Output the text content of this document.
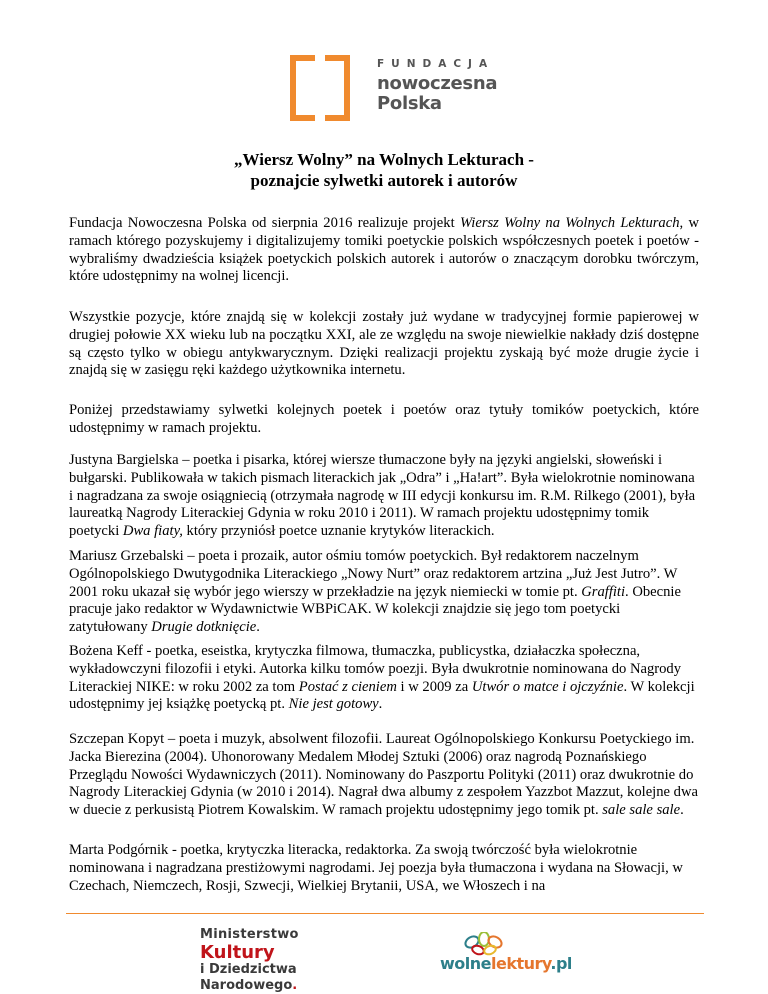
FUNDACJA
nowoczesna
Polska
„Wiersz Wolny” na Wolnych Lekturach -
poznajcie sylwetki autorek i autorów

Fundacja Nowoczesna Polska od sierpnia 2016 realizuje projekt Wiersz Wolny na Wolnych Lekturach, w ramach którego pozyskujemy i digitalizujemy tomiki poetyckie polskich współczesnych poetek i poetów - wybraliśmy dwadzieścia książek poetyckich polskich autorek i autorów o znaczącym dorobku twórczym, które udostępnimy na wolnej licencji.

Wszystkie pozycje, które znajdą się w kolekcji zostały już wydane w tradycyjnej formie papierowej w drugiej połowie XX wieku lub na początku XXI, ale ze względu na swoje niewielkie nakłady dziś dostępne są często tylko w obiegu antykwarycznym. Dzięki realizacji projektu zyskają być może drugie życie i znajdą się w zasięgu ręki każdego użytkownika internetu.

Poniżej przedstawiamy sylwetki kolejnych poetek i poetów oraz tytuły tomików poetyckich, które udostępnimy w ramach projektu.

Justyna Bargielska – poetka i pisarka, której wiersze tłumaczone były na języki angielski, słoweński i bułgarski. Publikowała w takich pismach literackich jak „Odra” i „Ha!art”. Była wielokrotnie nominowana i nagradzana za swoje osiągniecią (otrzymała nagrodę w III edycji konkursu im. R.M. Rilkego (2001), była laureatką Nagrody Literackiej Gdynia w roku 2010 i 2011). W ramach projektu udostępnimy tomik poetycki Dwa fiaty, który przyniósł poetce uznanie krytyków literackich.

Mariusz Grzebalski – poeta i prozaik, autor ośmiu tomów poetyckich. Był redaktorem naczelnym Ogólnopolskiego Dwutygodnika Literackiego „Nowy Nurt” oraz redaktorem artzina „Już Jest Jutro”. W 2001 roku ukazał się wybór jego wierszy w przekładzie na język niemiecki w tomie pt. Graffiti. Obecnie pracuje jako redaktor w Wydawnictwie WBPiCAK. W kolekcji znajdzie się jego tom poetycki zatytułowany Drugie dotknięcie.

Bożena Keff - poetka, eseistka, krytyczka filmowa, tłumaczka, publicystka, działaczka społeczna, wykładowczyni filozofii i etyki. Autorka kilku tomów poezji. Była dwukrotnie nominowana do Nagrody Literackiej NIKE: w roku 2002 za tom Postać z cieniem i w 2009 za Utwór o matce i ojczyźnie. W kolekcji udostępnimy jej książkę poetycką pt. Nie jest gotowy.

Szczepan Kopyt – poeta i muzyk, absolwent filozofii. Laureat Ogólnopolskiego Konkursu Poetyckiego im. Jacka Bierezina (2004). Uhonorowany Medalem Młodej Sztuki (2006) oraz nagrodą Poznańskiego Przeglądu Nowości Wydawniczych (2011). Nominowany do Paszportu Polityki (2011) oraz dwukrotnie do Nagrody Literackiej Gdynia (w 2010 i 2014). Nagrał dwa albumy z zespołem Yazzbot Mazzut, kolejne dwa w duecie z perkusistą Piotrem Kowalskim. W ramach projektu udostępnimy jego tomik pt. sale sale sale.

Marta Podgórnik - poetka, krytyczka literacka, redaktorka. Za swoją twórczość była wielokrotnie nominowana i nagradzana prestiżowymi nagrodami. Jej poezja była tłumaczona i wydana na Słowacji, w Czechach, Niemczech, Rosji, Szwecji, Wielkiej Brytanii, USA, we Włoszech i na

Ministerstwo
Kultury
i Dziedzictwa
Narodowego.
wolnelektury.pl
